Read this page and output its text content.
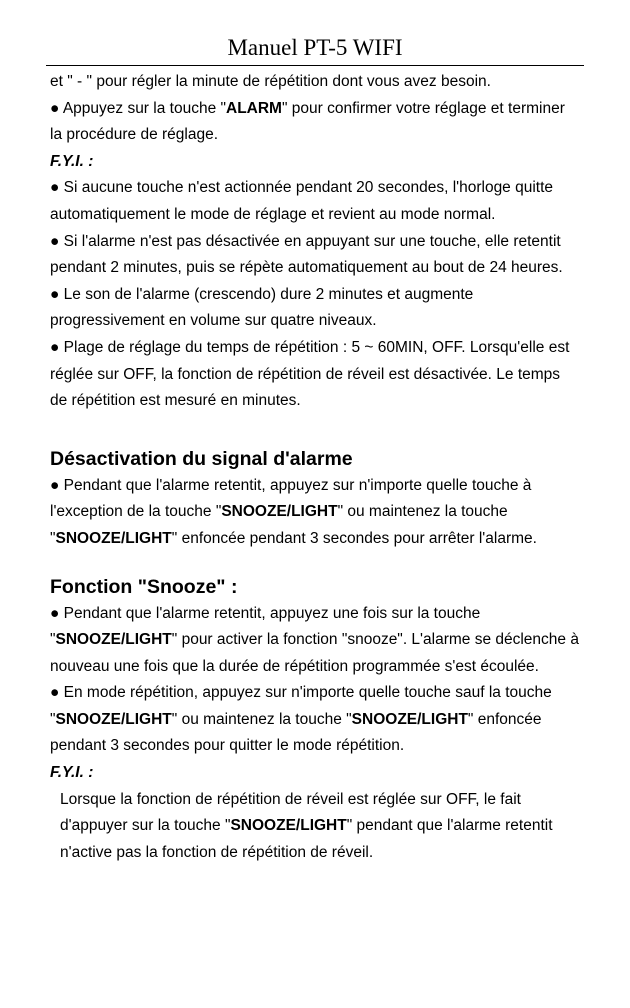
Manuel PT-5 WIFI

et " - " pour régler la minute de répétition dont vous avez besoin.

● Appuyez sur la touche "ALARM" pour confirmer votre réglage et terminer la procédure de réglage.

F.Y.I. :

● Si aucune touche n'est actionnée pendant 20 secondes, l'horloge quitte automatiquement le mode de réglage et revient au mode normal.

● Si l'alarme n'est pas désactivée en appuyant sur une touche, elle retentit pendant 2 minutes, puis se répète automatiquement au bout de 24 heures.

● Le son de l'alarme (crescendo) dure 2 minutes et augmente progressivement en volume sur quatre niveaux.

● Plage de réglage du temps de répétition : 5 ~ 60MIN, OFF. Lorsqu'elle est réglée sur OFF, la fonction de répétition de réveil est désactivée. Le temps de répétition est mesuré en minutes.

Désactivation du signal d'alarme

● Pendant que l'alarme retentit, appuyez sur n'importe quelle touche à l'exception de la touche "SNOOZE/LIGHT" ou maintenez la touche "SNOOZE/LIGHT" enfoncée pendant 3 secondes pour arrêter l'alarme.

Fonction "Snooze" :

● Pendant que l'alarme retentit, appuyez une fois sur la touche "SNOOZE/LIGHT" pour activer la fonction "snooze". L'alarme se déclenche à nouveau une fois que la durée de répétition programmée s'est écoulée.

● En mode répétition, appuyez sur n'importe quelle touche sauf la touche "SNOOZE/LIGHT" ou maintenez la touche "SNOOZE/LIGHT" enfoncée pendant 3 secondes pour quitter le mode répétition.

F.Y.I. :

Lorsque la fonction de répétition de réveil est réglée sur OFF, le fait d'appuyer sur la touche "SNOOZE/LIGHT" pendant que l'alarme retentit n'active pas la fonction de répétition de réveil.
